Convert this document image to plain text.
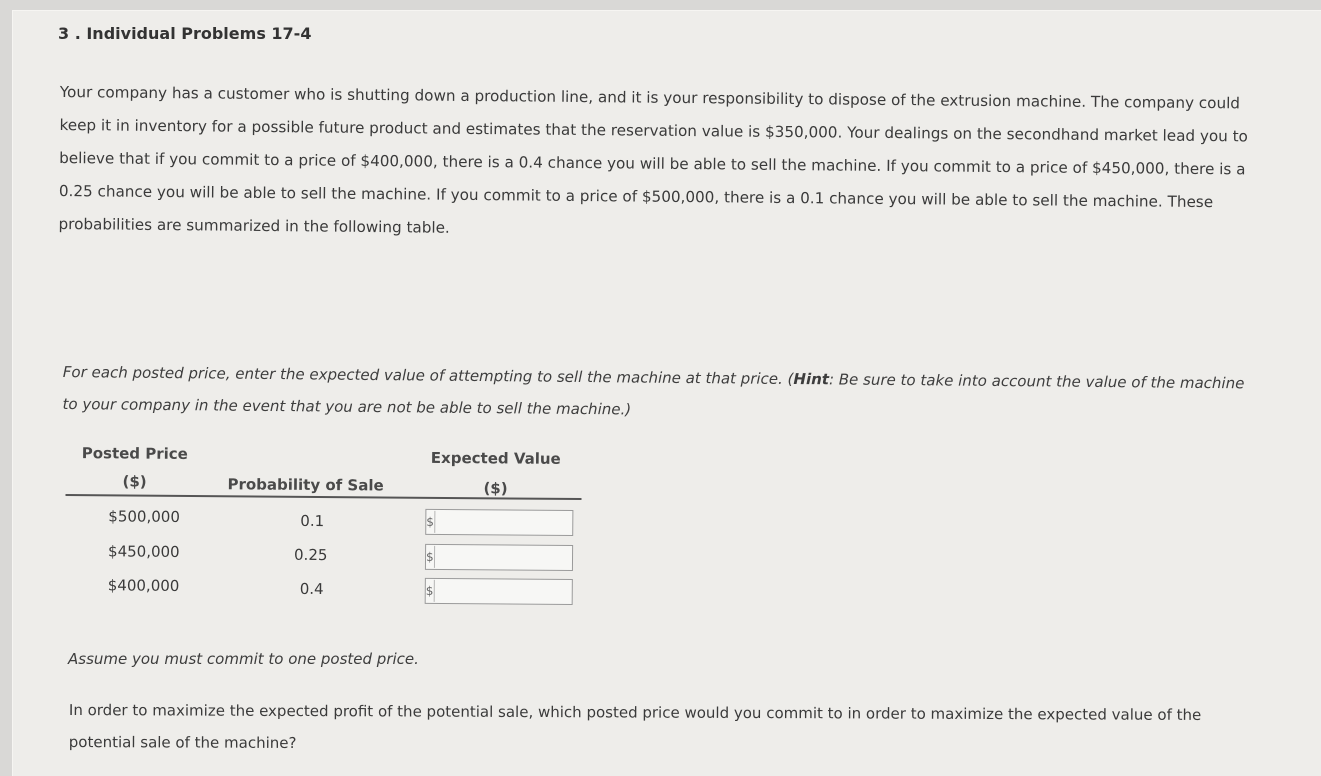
3 . Individual Problems 17-4
Your company has a customer who is shutting down a production line, and it is your responsibility to dispose of the extrusion machine. The company could keep it in inventory for a possible future product and estimates that the reservation value is $350,000. Your dealings on the secondhand market lead you to believe that if you commit to a price of $400,000, there is a 0.4 chance you will be able to sell the machine. If you commit to a price of $450,000, there is a 0.25 chance you will be able to sell the machine. If you commit to a price of $500,000, there is a 0.1 chance you will be able to sell the machine. These probabilities are summarized in the following table.
For each posted price, enter the expected value of attempting to sell the machine at that price. (Hint: Be sure to take into account the value of the machine to your company in the event that you are not be able to sell the machine.)
Posted Price
($)	Probability of Sale
Expected Value
($)
$500,000	0.1	$
$450,000	0.25	$
$400,000	0.4	$
Assume you must commit to one posted price.
In order to maximize the expected profit of the potential sale, which posted price would you commit to in order to maximize the expected value of the potential sale of the machine?
